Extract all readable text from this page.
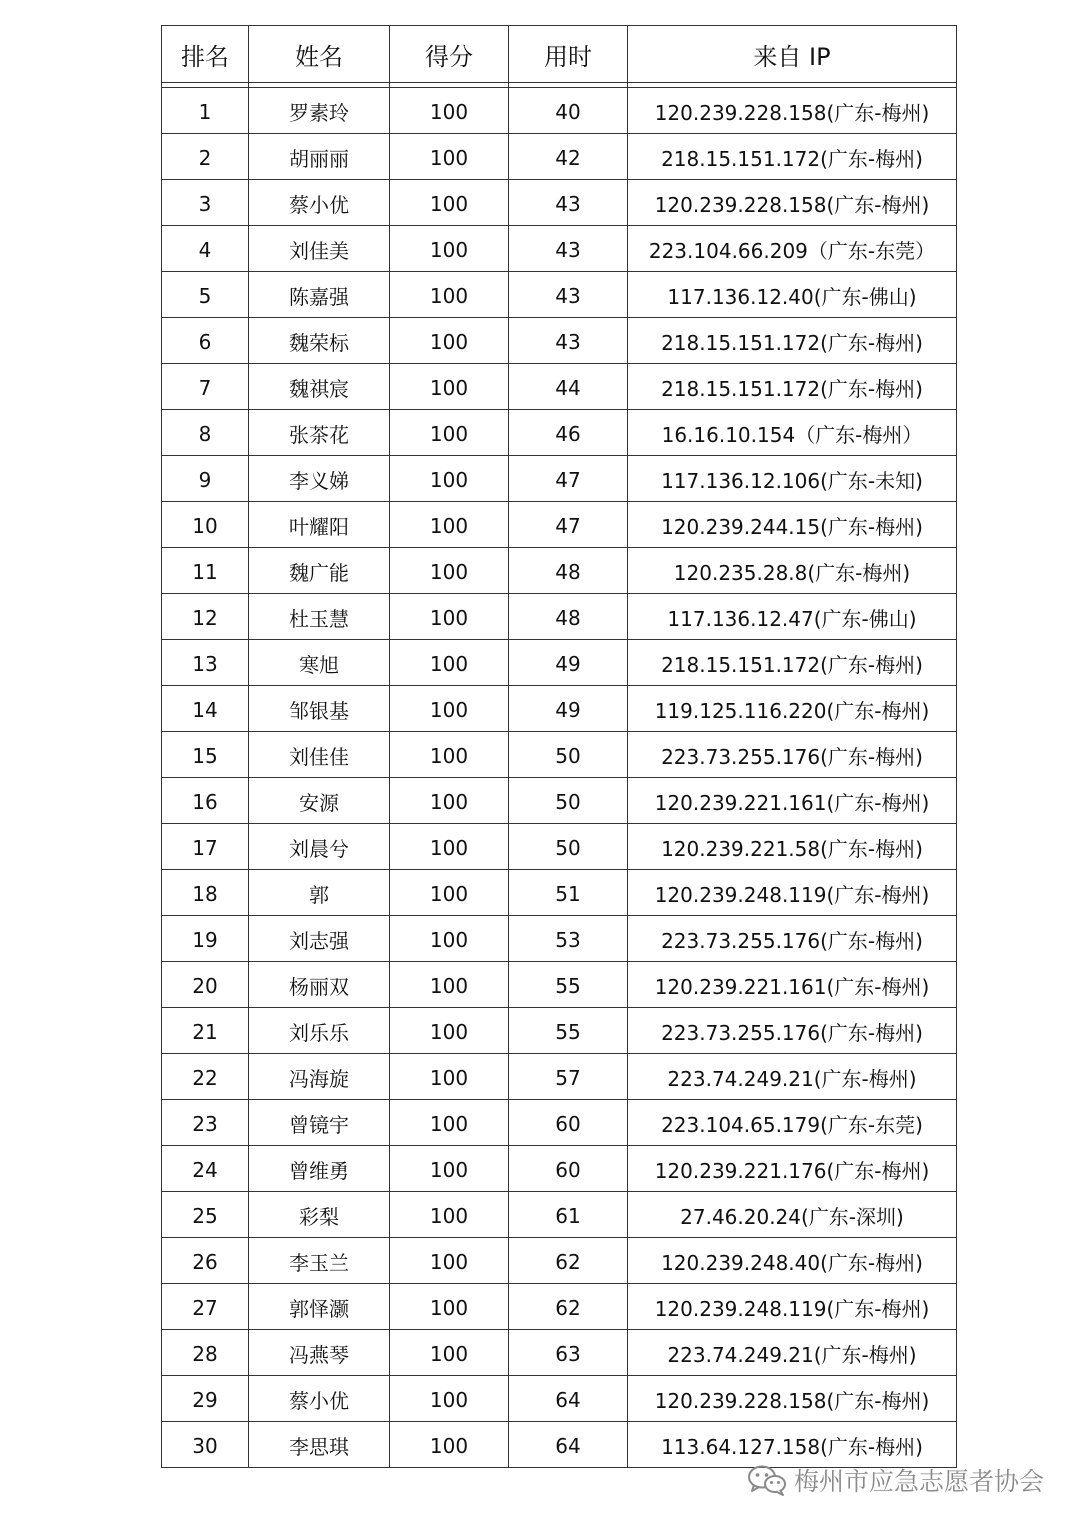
排名	姓名	得分	用时	来自 IP

1	罗素玲	100	40	120.239.228.158(广东-梅州)
2	胡丽丽	100	42	218.15.151.172(广东-梅州)
3	蔡小优	100	43	120.239.228.158(广东-梅州)
4	刘佳美	100	43	223.104.66.209（广东-东莞）
5	陈嘉强	100	43	117.136.12.40(广东-佛山)
6	魏荣标	100	43	218.15.151.172(广东-梅州)
7	魏祺宸	100	44	218.15.151.172(广东-梅州)
8	张茶花	100	46	16.16.10.154（广东-梅州）
9	李义娣	100	47	117.136.12.106(广东-未知)
10	叶耀阳	100	47	120.239.244.15(广东-梅州)
11	魏广能	100	48	120.235.28.8(广东-梅州)
12	杜玉慧	100	48	117.136.12.47(广东-佛山)
13	寒旭	100	49	218.15.151.172(广东-梅州)
14	邹银基	100	49	119.125.116.220(广东-梅州)
15	刘佳佳	100	50	223.73.255.176(广东-梅州)
16	安源	100	50	120.239.221.161(广东-梅州)
17	刘晨兮	100	50	120.239.221.58(广东-梅州)
18	郭	100	51	120.239.248.119(广东-梅州)
19	刘志强	100	53	223.73.255.176(广东-梅州)
20	杨丽双	100	55	120.239.221.161(广东-梅州)
21	刘乐乐	100	55	223.73.255.176(广东-梅州)
22	冯海旋	100	57	223.74.249.21(广东-梅州)
23	曾镜宇	100	60	223.104.65.179(广东-东莞)
24	曾维勇	100	60	120.239.221.176(广东-梅州)
25	彩梨	100	61	27.46.20.24(广东-深圳)
26	李玉兰	100	62	120.239.248.40(广东-梅州)
27	郭怿灏	100	62	120.239.248.119(广东-梅州)
28	冯燕琴	100	63	223.74.249.21(广东-梅州)
29	蔡小优	100	64	120.239.228.158(广东-梅州)
30	李思琪	100	64	113.64.127.158(广东-梅州)
梅州市应急志愿者协会
